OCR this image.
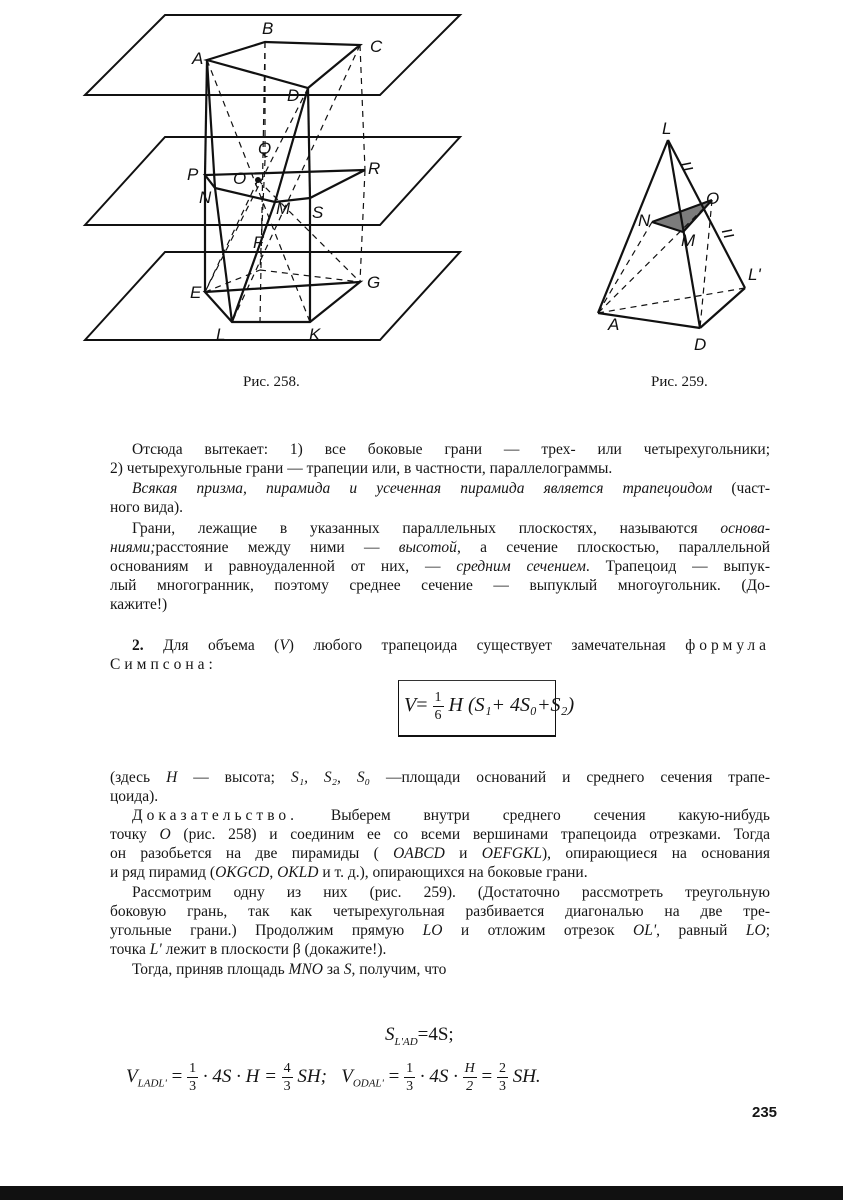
A
B
C
D
Q
P O
R
N
M S
F
E
G
L	K
Рис. 258.
L
O
N
M
L'
A
D
Рис. 259.
Отсюда вытекает: 1) все боковые грани — трех- или четырехугольники;
2) четырехугольные грани — трапеции или, в частности, параллелограммы.
Всякая призма, пирамида и усеченная пирамида является трапецоидом (част-
ного вида).
Грани, лежащие в указанных параллельных плоскостях, называются основа-
ниями;расстояние между ними — высотой, а сечение плоскостью, параллельной
основаниям и равноудаленной от них, — средним сечением. Трапецоид — выпук-
лый многогранник, поэтому среднее сечение — выпуклый многоугольник. (До-
кажите!)
2. Для объема (V) любого трапецоида существует замечательная формула
Симпсона:
(здесь H — высота; S₁, S₂, S₀ —площади оснований и среднего сечения трапе-
цоида).
Доказательство. Выберем внутри среднего сечения какую-нибудь
точку O (рис. 258) и соединим ее со всеми вершинами трапецоида отрезками. Тогда
он разобьется на две пирамиды ( OABCD и OEFGKL), опирающиеся на основания
и ряд пирамид (OKGCD, OKLD и т. д.), опирающихся на боковые грани.
Рассмотрим одну из них (рис. 259). (Достаточно рассмотреть треугольную
боковую грань, так как четырехугольная разбивается диагональю на две тре-
угольные грани.) Продолжим прямую LO и отложим отрезок OL', равный LO;
точка L' лежит в плоскости β (докажите!).
Тогда, приняв площадь MNO за S, получим, что
$V= \frac{1}{6}$ H (S₁+ 4S₀+S₂)
$S_{L'AD}=4S$;
$V_{LADL'} = \frac{1}{3} \cdot 4S \cdot H = \frac{4}{3}$ SH; $V_{ODAL'} = \frac{1}{3} \cdot 4S \cdot \frac{H}{2} = \frac{2}{3}$ SH.
235
